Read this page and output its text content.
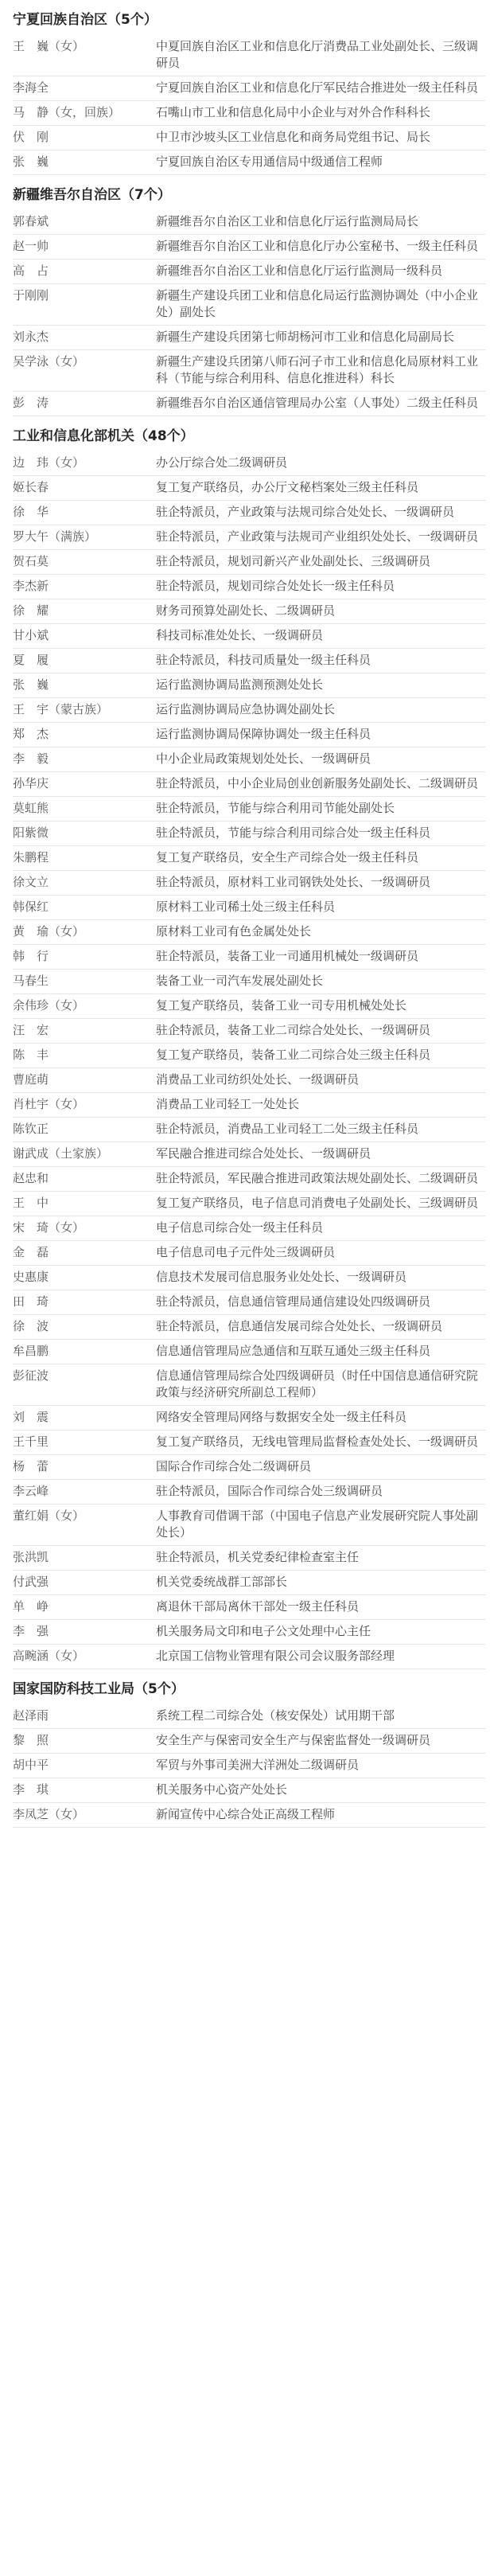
宁夏回族自治区（5个）
王　巍（女）	中夏回族自治区工业和信息化厅消费品工业处副处长、三级调研员
李海全	宁夏回族自治区工业和信息化厅军民结合推进处一级主任科员
马　静（女，回族）	石嘴山市工业和信息化局中小企业与对外合作科科长
伏　刚	中卫市沙坡头区工业信息化和商务局党组书记、局长
张　巍	宁夏回族自治区专用通信局中级通信工程师
新疆维吾尔自治区（7个）
郭春斌	新疆维吾尔自治区工业和信息化厅运行监测局局长
赵一帅	新疆维吾尔自治区工业和信息化厅办公室秘书、一级主任科员
高　占	新疆维吾尔自治区工业和信息化厅运行监测局一级科员
于刚刚	新疆生产建设兵团工业和信息化局运行监测协调处（中小企业处）副处长
刘永杰	新疆生产建设兵团第七师胡杨河市工业和信息化局副局长
吴学泳（女）	新疆生产建设兵团第八师石河子市工业和信息化局原材料工业科（节能与综合利用科、信息化推进科）科长
彭　涛	新疆维吾尔自治区通信管理局办公室（人事处）二级主任科员
工业和信息化部机关（48个）
边　玮（女）	办公厅综合处二级调研员
姬长春	复工复产联络员，办公厅文秘档案处三级主任科员
徐　华	驻企特派员，产业政策与法规司综合处处长、一级调研员
罗大午（满族）	驻企特派员，产业政策与法规司产业组织处处长、一级调研员
贺石莫	驻企特派员，规划司新兴产业处副处长、三级调研员
李杰新	驻企特派员，规划司综合处处长一级主任科员
徐　耀	财务司预算处副处长、二级调研员
甘小斌	科技司标准处处长、一级调研员
夏　履	驻企特派员，科技司质量处一级主任科员
张　巍	运行监测协调局监测预测处处长
王　宇（蒙古族）	运行监测协调局应急协调处副处长
郑　杰	运行监测协调局保障协调处一级主任科员
李　毅	中小企业局政策规划处处长、一级调研员
孙华庆	驻企特派员，中小企业局创业创新服务处副处长、二级调研员
莫虹熊	驻企特派员，节能与综合利用司节能处副处长
阳紫微	驻企特派员，节能与综合利用司综合处一级主任科员
朱鹏程	复工复产联络员，安全生产司综合处一级主任科员
徐文立	驻企特派员，原材料工业司钢铁处处长、一级调研员
韩保红	原材料工业司稀土处三级主任科员
黄　瑜（女）	原材料工业司有色金属处处长
韩　行	驻企特派员，装备工业一司通用机械处一级调研员
马春生	装备工业一司汽车发展处副处长
余伟珍（女）	复工复产联络员，装备工业一司专用机械处处长
汪　宏	驻企特派员，装备工业二司综合处处长、一级调研员
陈　丰	复工复产联络员，装备工业二司综合处三级主任科员
曹庭萌	消费品工业司纺织处处长、一级调研员
肖杜宇（女）	消费品工业司轻工一处处长
陈钦正	驻企特派员，消费品工业司轻工二处三级主任科员
谢武成（土家族）	军民融合推进司综合处处长、一级调研员
赵忠和	驻企特派员，军民融合推进司政策法规处副处长、二级调研员
王　中	复工复产联络员，电子信息司消费电子处副处长、三级调研员
宋　琦（女）	电子信息司综合处一级主任科员
金　磊	电子信息司电子元件处三级调研员
史惠康	信息技术发展司信息服务业处处长、一级调研员
田　琦	驻企特派员，信息通信管理局通信建设处四级调研员
徐　波	驻企特派员，信息通信发展司综合处处长、一级调研员
牟昌鹏	信息通信管理局应急通信和互联互通处三级主任科员
彭征波	信息通信管理局综合处四级调研员（时任中国信息通信研究院政策与经济研究所副总工程师）
刘　震	网络安全管理局网络与数据安全处一级主任科员
王千里	复工复产联络员，无线电管理局监督检查处处长、一级调研员
杨　蕾	国际合作司综合处二级调研员
李云峰	驻企特派员，国际合作司综合处三级调研员
董红娟（女）	人事教育司借调干部（中国电子信息产业发展研究院人事处副处长）
张洪凯	驻企特派员，机关党委纪律检查室主任
付武强	机关党委统战群工部部长
单　峥	离退休干部局离休干部处一级主任科员
李　强	机关服务局文印和电子公文处理中心主任
高畹涵（女）	北京国工信物业管理有限公司会议服务部经理
国家国防科技工业局（5个）
赵泽雨	系统工程二司综合处（核安保处）试用期干部
黎　照	安全生产与保密司安全生产与保密监督处一级调研员
胡中平	军贸与外事司美洲大洋洲处二级调研员
李　琪	机关服务中心资产处处长
李凤芝（女）	新闻宣传中心综合处正高级工程师
